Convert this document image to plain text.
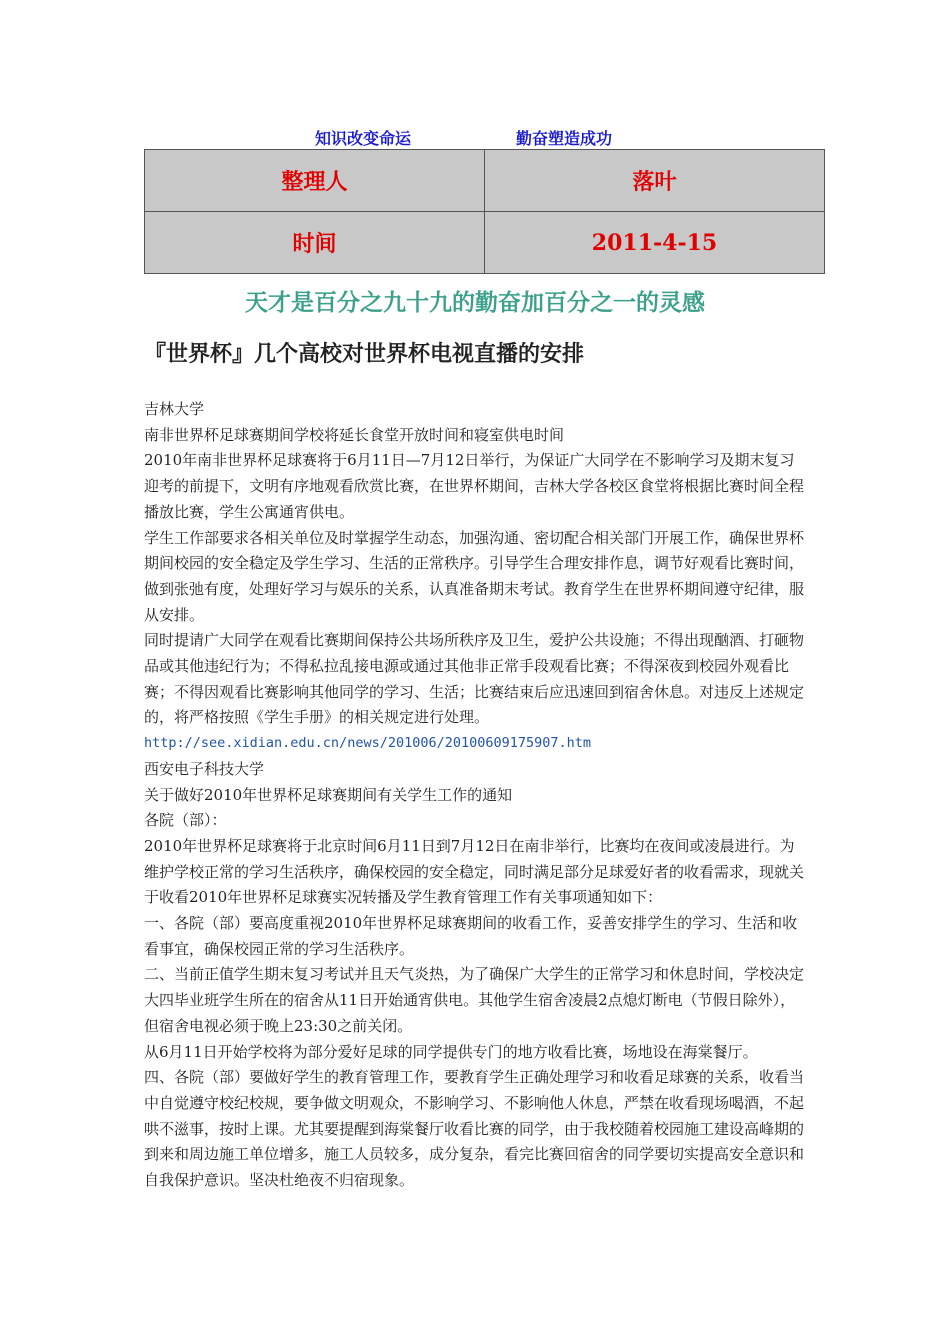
知识改变命运	勤奋塑造成功
整理人	落叶
时间	2011-4-15
天才是百分之九十九的勤奋加百分之一的灵感
『世界杯』几个高校对世界杯电视直播的安排

吉林大学

南非世界杯足球赛期间学校将延长食堂开放时间和寝室供电时间

2010年南非世界杯足球赛将于6月11日—7月12日举行，为保证广大同学在不影响学习及期末复习迎考的前提下，文明有序地观看欣赏比赛，在世界杯期间，吉林大学各校区食堂将根据比赛时间全程播放比赛，学生公寓通宵供电。

学生工作部要求各相关单位及时掌握学生动态，加强沟通、密切配合相关部门开展工作，确保世界杯期间校园的安全稳定及学生学习、生活的正常秩序。引导学生合理安排作息，调节好观看比赛时间，做到张弛有度，处理好学习与娱乐的关系，认真准备期末考试。教育学生在世界杯期间遵守纪律，服从安排。

同时提请广大同学在观看比赛期间保持公共场所秩序及卫生，爱护公共设施；不得出现酗酒、打砸物品或其他违纪行为；不得私拉乱接电源或通过其他非正常手段观看比赛；不得深夜到校园外观看比赛；不得因观看比赛影响其他同学的学习、生活；比赛结束后应迅速回到宿舍休息。对违反上述规定的，将严格按照《学生手册》的相关规定进行处理。

http://see.xidian.edu.cn/news/201006/20100609175907.htm

西安电子科技大学

关于做好2010年世界杯足球赛期间有关学生工作的通知

各院（部）：

2010年世界杯足球赛将于北京时间6月11日到7月12日在南非举行，比赛均在夜间或凌晨进行。为维护学校正常的学习生活秩序，确保校园的安全稳定，同时满足部分足球爱好者的收看需求，现就关于收看2010年世界杯足球赛实况转播及学生教育管理工作有关事项通知如下：

一、各院（部）要高度重视2010年世界杯足球赛期间的收看工作，妥善安排学生的学习、生活和收看事宜，确保校园正常的学习生活秩序。

二、当前正值学生期末复习考试并且天气炎热，为了确保广大学生的正常学习和休息时间，学校决定大四毕业班学生所在的宿舍从11日开始通宵供电。其他学生宿舍凌晨2点熄灯断电（节假日除外），但宿舍电视必须于晚上23:30之前关闭。

从6月11日开始学校将为部分爱好足球的同学提供专门的地方收看比赛，场地设在海棠餐厅。

四、各院（部）要做好学生的教育管理工作，要教育学生正确处理学习和收看足球赛的关系，收看当中自觉遵守校纪校规，要争做文明观众，不影响学习、不影响他人休息，严禁在收看现场喝酒，不起哄不滋事，按时上课。尤其要提醒到海棠餐厅收看比赛的同学，由于我校随着校园施工建设高峰期的到来和周边施工单位增多，施工人员较多，成分复杂，看完比赛回宿舍的同学要切实提高安全意识和自我保护意识。坚决杜绝夜不归宿现象。
